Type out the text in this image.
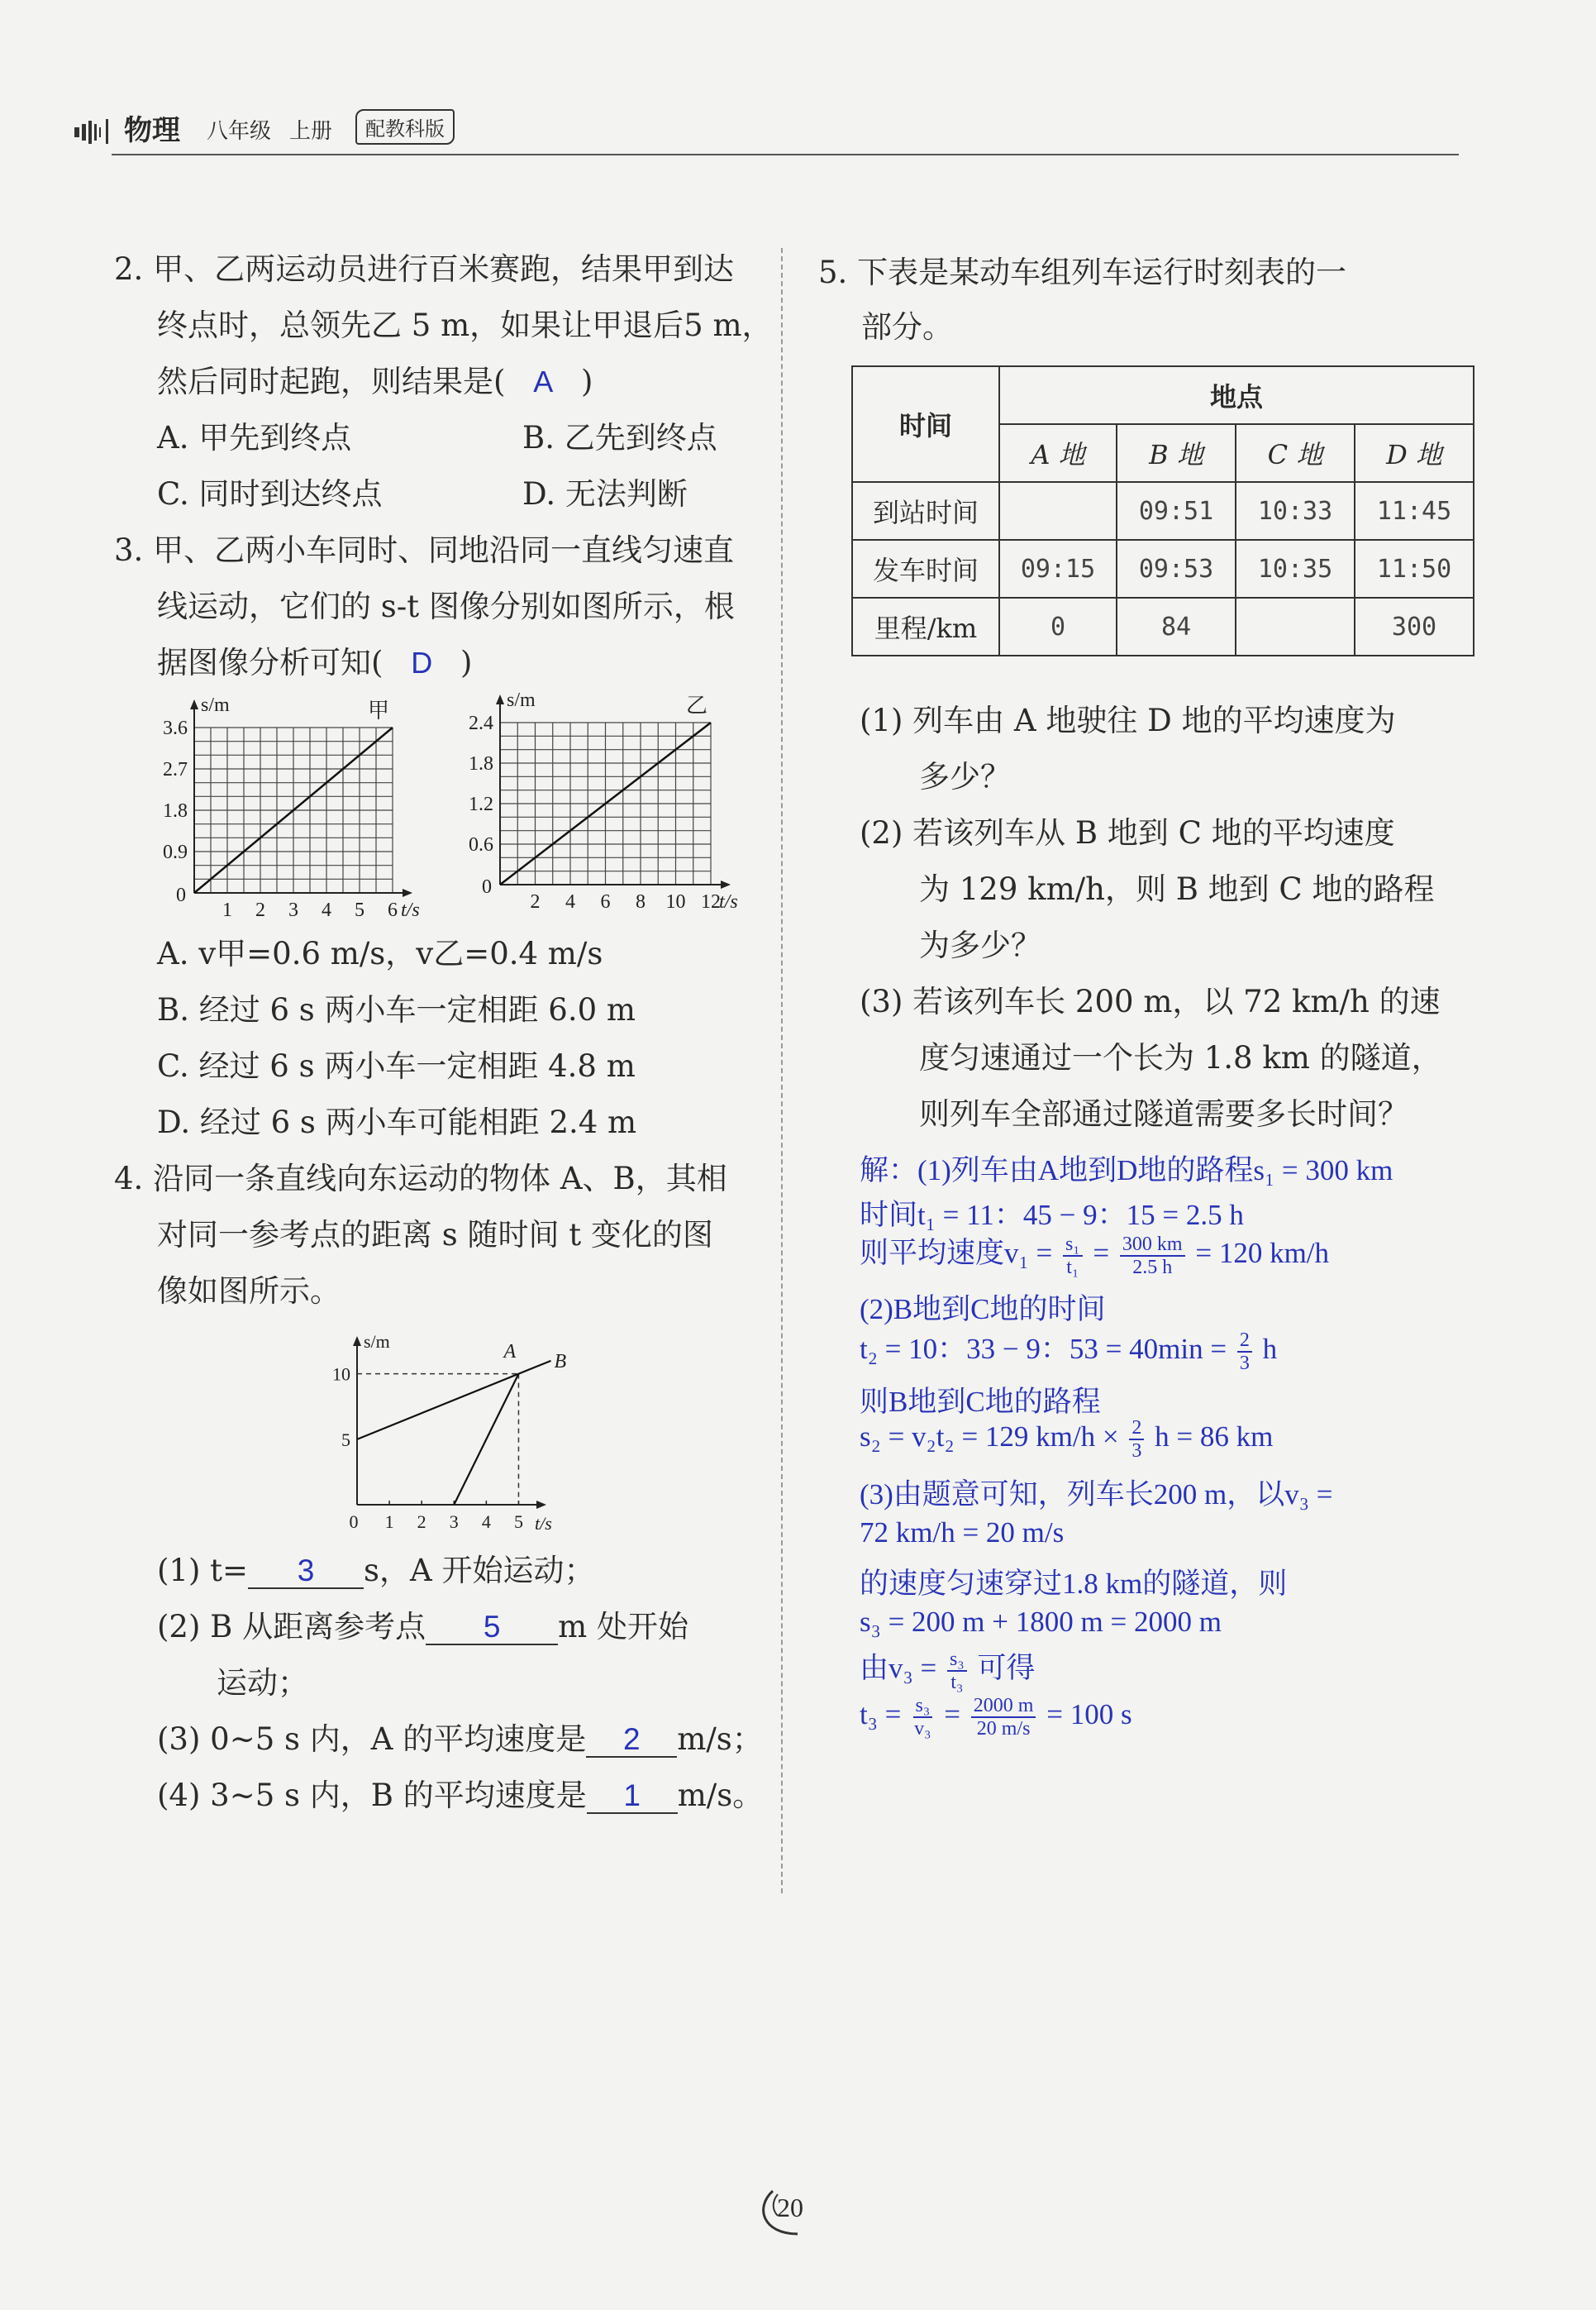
物理 八年级 上册	配教科版
2. 甲、乙两运动员进行百米赛跑，结果甲到达
终点时，总领先乙 5 m，如果让甲退后5 m，
然后同时起跑，则结果是( A )
A. 甲先到终点	B. 乙先到终点
C. 同时到达终点	D. 无法判断
3. 甲、乙两小车同时、同地沿同一直线匀速直
线运动，它们的 s-t 图像分别如图所示，根
据图像分析可知( D )
s/m
t/s
0
1 2 3 4 5 6
0.9
1.8
2.7
3.6
甲	s/m
t/s
0
2 4 6 8 10 12
0.6
1.2
1.8
2.4
乙
A. v甲=0.6 m/s，v乙=0.4 m/s
B. 经过 6 s 两小车一定相距 6.0 m
C. 经过 6 s 两小车一定相距 4.8 m
D. 经过 6 s 两小车可能相距 2.4 m
4. 沿同一条直线向东运动的物体 A、B，其相
对同一参考点的距离 s 随时间 t 变化的图
像如图所示。
s/m
t/s
0 1 2 3 4 5
5
10
A B
(1) t= 3 s，A 开始运动；
(2) B 从距离参考点 5 m 处开始
运动；
(3) 0~5 s 内，A 的平均速度是 2 m/s；
(4) 3~5 s 内，B 的平均速度是 1 m/s。
5. 下表是某动车组列车运行时刻表的一
部分。
时间	地点			
	A 地	B 地	C 地	D 地
到站时间		09:51	10:33	11:45
发车时间	09:15	09:53	10:35	11:50
里程/km	0	84		300
(1) 列车由 A 地驶往 D 地的平均速度为
多少？
(2) 若该列车从 B 地到 C 地的平均速度
为 129 km/h，则 B 地到 C 地的路程
为多少？
(3) 若该列车长 200 m，以 72 km/h 的速
度匀速通过一个长为 1.8 km 的隧道，
则列车全部通过隧道需要多长时间？
解：(1)列车由A地到D地的路程s₁ = 300 km
时间t₁ = 11：45 − 9：15 = 2.5 h
则平均速度$v_1 = \frac{\text{s₁}}{\text{t₁}} = \frac{300 km}{2.5 h} = 120$ km/h
(2)B地到C地的时间
t₂ = 10：33 − 9：$53 = 40\min = \frac{2}{3}$ h
则B地到C地的路程
s₂ = v₂t₂ = 129 $km/h \times \frac{2}{3}$ h = 86 km
(3)由题意可知，列车长200 m，以v₃ =
72 km/h = 20 m/s
的速度匀速穿过1.8 km的隧道，则
s₃ = 200 m + 1800 m = 2000 m
由$v_3 = \frac{\text{s₃}}{\text{t₃}}$ 可得
$t_3 = \frac{\text{s₃}}{\text{v₃}} = \frac{2000 m}{20 m/s} = 100$ s
20
